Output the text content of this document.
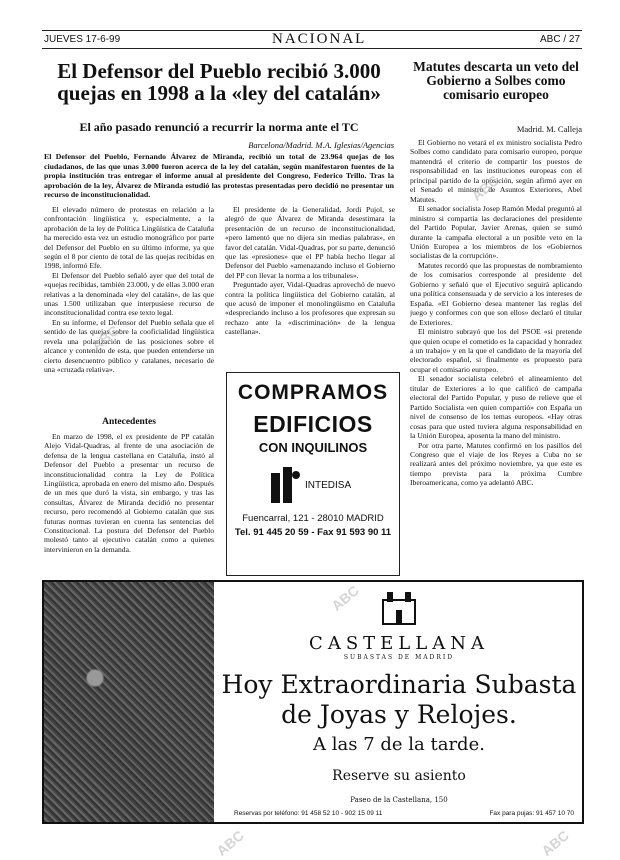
JUEVES 17-6-99	NACIONAL	ABC / 27
El Defensor del Pueblo recibió 3.000 quejas en 1998 a la «ley del catalán»
El año pasado renunció a recurrir la norma ante el TC
Barcelona/Madrid. M.A. Iglesias/Agencias
El Defensor del Pueblo, Fernando Álvarez de Miranda, recibió un total de 23.964 quejas de los ciudadanos, de las que unas 3.000 fueron acerca de la ley del catalán, según manifestaron fuentes de la propia institución tras entregar el informe anual al presidente del Congreso, Federico Trillo. Tras la aprobación de la ley, Álvarez de Miranda estudió las protestas presentadas pero decidió no presentar un recurso de inconstitucionalidad.

El elevado número de protestas en relación a la confrontación lingüística y, especialmente, a la aprobación de la ley de Política Lingüística de Cataluña ha merecido esta vez un estudio monográfico por parte del Defensor del Pueblo en su último informe, ya que según el 8 por ciento de total de las quejas recibidas en 1998, informó Efe.

El Defensor del Pueblo señaló ayer que del total de «quejas recibidas, también 23.000, y de ellas 3.000 eran relativas a la denominada «ley del catalán», de las que unas 1.500 utilizaban que interpusiese recurso de inconstitucionalidad contra ese texto legal.

En su informe, el Defensor del Pueblo señala que el sentido de las quejas sobre la cooficialidad lingüística revela una polarización de las posiciones sobre el alcance y contenido de esta, que pueden entenderse un cierto desencuentro público y catalanes, necesario de una «cruzada relativa».

Antecedentes

En marzo de 1998, el ex presidente de PP catalán Alejo Vidal-Quadras, al frente de una asociación de defensa de la lengua castellana en Cataluña, instó al Defensor del Pueblo a presentar un recurso de inconstitucionalidad contra la Ley de Política Lingüística, aprobada en enero del mismo año. Después de un mes que duró la vista, sin embargo, y tras las consultas, Álvarez de Miranda decidió no presentar recurso, pero recomendó al Gobierno catalán que sus futuras normas tuvieran en cuenta las sentencias del Constitucional. La postura del Defensor del Pueblo molestó tanto al ejecutivo catalán como a quienes intervinieron en la demanda.

El presidente de la Generalidad, Jordi Pujol, se alegró de que Álvarez de Miranda desestimara la presentación de un recurso de inconstitucionalidad, «pero lamentó que no dijera sin medias palabras», en favor del catalán. Vidal-Quadras, por su parte, denunció que las «presiones» que el PP había hecho llegar al Defensor del Pueblo «amenazando incluso el Gobierno del PP con llevar la norma a los tribunales».

Preguntado ayer, Vidal-Quadras aprovechó de nuevo contra la política lingüística del Gobierno catalán, al que acusó de imponer el monolingüismo en Cataluña «despreciando incluso a los profesores que expresan su rechazo ante la «discriminación» de la lengua castellana».

COMPRAMOS
EDIFICIOS
CON INQUILINOS
INTEDISA
Fuencarral, 121 - 28010 MADRID
Tel. 91 445 20 59 - Fax 91 593 90 11
Matutes descarta un veto del Gobierno a Solbes como comisario europeo
Madrid. M. Calleja

El Gobierno no vetará el ex ministro socialista Pedro Solbes como candidato para comisario europeo, porque mantendrá el criterio de compartir los puestos de responsabilidad en las instituciones europeas con el principal partido de la oposición, según afirmó ayer en el Senado el ministro de Asuntos Exteriores, Abel Matutes.

El senador socialista Josep Ramón Medal preguntó al ministro si compartía las declaraciones del presidente del Partido Popular, Javier Arenas, quien se sumó durante la campaña electoral a un posible veto en la Unión Europea a los miembros de los «Gobiernos socialistas de la corrupción».

Matutes recordó que las propuestas de nombramiento de los comisarios corresponde al presidente del Gobierno y señaló que el Ejecutivo seguirá aplicando una política consensuada y de servicio a los intereses de España. «El Gobierno desea mantener las reglas del juego y conformes con que son ellos» declaró el titular de Exteriores.

El ministro subrayó que los del PSOE «si pretende que quien ocupe el cometido es la capacidad y honradez a un trabajo» y en la que el candidato de la mayoría del electorado español, si finalmente es propuesto para ocupar el comisario europeo.

El senador socialista celebró el alineamiento del titular de Exteriores a lo que calificó de campaña electoral del Partido Popular, y puso de relieve que el Partido Socialista «en quien compartió» con España un nivel de consenso de los temas europeos. «Hay otras cosas para que usted tuviera alguna responsabilidad en la Unión Europea, aposenta la mano del ministro.

Por otra parte, Matutes confirmó en los pasillos del Congreso que el viaje de los Reyes a Cuba no se realizará antes del próximo noviembre, ya que este es tiempo prevista para la próxima Cumbre Iberoamericana, como ya adelantó ABC.

CASTELLANA
SUBASTAS DE MADRID
Hoy Extraordinaria Subasta
de Joyas y Relojes.
A las 7 de la tarde.
Reserve su asiento
Paseo de la Castellana, 150
Reservas por teléfono: 91 458 52 10 - 902 15 09 11	Fax para pujas: 91 457 10 70
ABC
ABC
ABC
ABC	ABC
